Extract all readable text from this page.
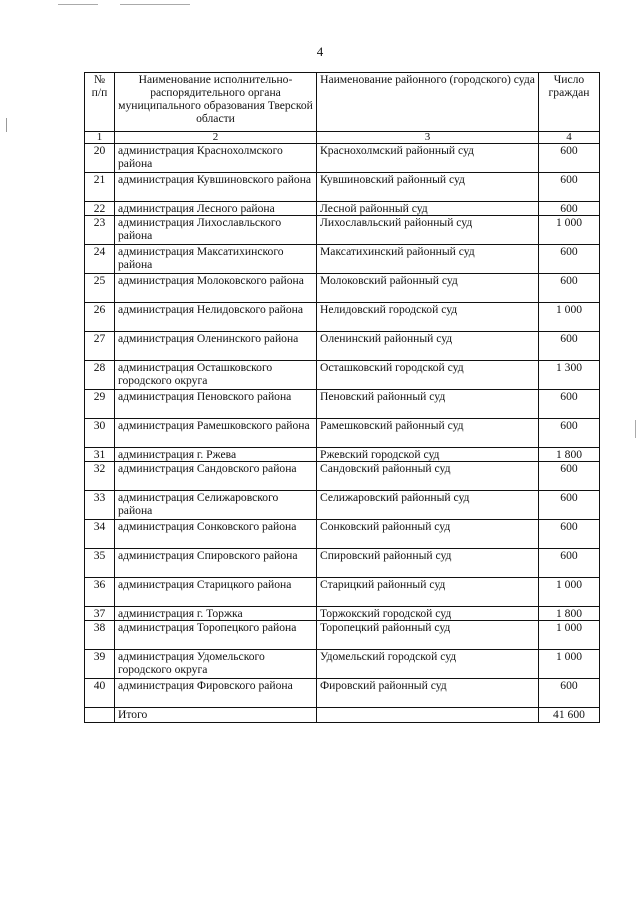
4
№ п/п	Наименование исполнительно-распорядительного органа муниципального образования Тверской области	Наименование районного (городского) суда	Число граждан
1	2	3	4
20	администрация Краснохолмского района	Краснохолмский районный суд	600
21	администрация Кувшиновского района	Кувшиновский районный суд	600
22	администрация Лесного района	Лесной районный суд	600
23	администрация Лихославльского района	Лихославльский районный суд	1 000
24	администрация Максатихинского района	Максатихинский районный суд	600
25	администрация Молоковского района	Молоковский районный суд	600
26	администрация Нелидовского района	Нелидовский городской суд	1 000
27	администрация Оленинского района	Оленинский районный суд	600
28	администрация Осташковского городского округа	Осташковский городской суд	1 300
29	администрация Пеновского района	Пеновский районный суд	600
30	администрация Рамешковского района	Рамешковский районный суд	600
31	администрация г. Ржева	Ржевский городской суд	1 800
32	администрация Сандовского района	Сандовский районный суд	600
33	администрация Селижаровского района	Селижаровский районный суд	600
34	администрация Сонковского района	Сонковский районный суд	600
35	администрация Спировского района	Спировский районный суд	600
36	администрация Старицкого района	Старицкий районный суд	1 000
37	администрация г. Торжка	Торжокский городской суд	1 800
38	администрация Торопецкого района	Торопецкий районный суд	1 000
39	администрация Удомельского городского округа	Удомельский городской суд	1 000
40	администрация Фировского района	Фировский районный суд	600
	Итого		41 600
